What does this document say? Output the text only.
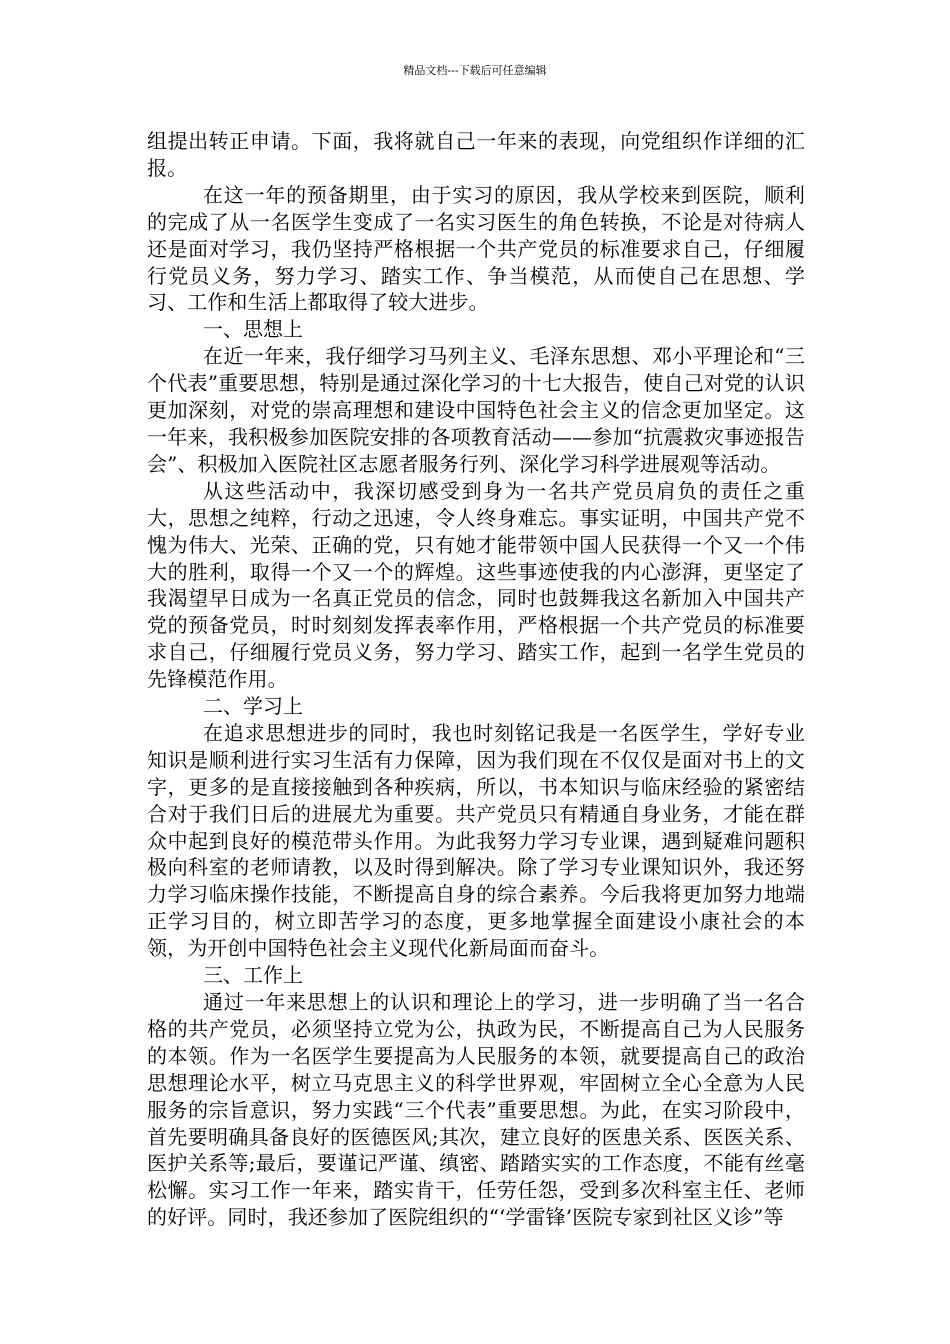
精品文档---下载后可任意编辑

组提出转正申请。下面，我将就自己一年来的表现，向党组织作详细的汇报。

在这一年的预备期里，由于实习的原因，我从学校来到医院，顺利的完成了从一名医学生变成了一名实习医生的角色转换，不论是对待病人还是面对学习，我仍坚持严格根据一个共产党员的标准要求自己，仔细履行党员义务，努力学习、踏实工作、争当模范，从而使自己在思想、学习、工作和生活上都取得了较大进步。

一、思想上

在近一年来，我仔细学习马列主义、毛泽东思想、邓小平理论和“三个代表”重要思想，特别是通过深化学习的十七大报告，使自己对党的认识更加深刻，对党的崇高理想和建设中国特色社会主义的信念更加坚定。这一年来，我积极参加医院安排的各项教育活动——参加“抗震救灾事迹报告会”、积极加入医院社区志愿者服务行列、深化学习科学进展观等活动。

从这些活动中，我深切感受到身为一名共产党员肩负的责任之重大，思想之纯粹，行动之迅速，令人终身难忘。事实证明，中国共产党不愧为伟大、光荣、正确的党，只有她才能带领中国人民获得一个又一个伟大的胜利，取得一个又一个的辉煌。这些事迹使我的内心澎湃，更坚定了我渴望早日成为一名真正党员的信念，同时也鼓舞我这名新加入中国共产党的预备党员，时时刻刻发挥表率作用，严格根据一个共产党员的标准要求自己，仔细履行党员义务，努力学习、踏实工作，起到一名学生党员的先锋模范作用。

二、学习上

在追求思想进步的同时，我也时刻铭记我是一名医学生，学好专业知识是顺利进行实习生活有力保障，因为我们现在不仅仅是面对书上的文字，更多的是直接接触到各种疾病，所以，书本知识与临床经验的紧密结合对于我们日后的进展尤为重要。共产党员只有精通自身业务，才能在群众中起到良好的模范带头作用。为此我努力学习专业课，遇到疑难问题积极向科室的老师请教，以及时得到解决。除了学习专业课知识外，我还努力学习临床操作技能，不断提高自身的综合素养。今后我将更加努力地端正学习目的，树立即苦学习的态度，更多地掌握全面建设小康社会的本领，为开创中国特色社会主义现代化新局面而奋斗。

三、工作上

通过一年来思想上的认识和理论上的学习，进一步明确了当一名合格的共产党员，必须坚持立党为公，执政为民，不断提高自己为人民服务的本领。作为一名医学生要提高为人民服务的本领，就要提高自己的政治思想理论水平，树立马克思主义的科学世界观，牢固树立全心全意为人民服务的宗旨意识，努力实践“三个代表”重要思想。为此，在实习阶段中，首先要明确具备良好的医德医风;其次，建立良好的医患关系、医医关系、医护关系等;最后，要谨记严谨、缜密、踏踏实实的工作态度，不能有丝毫松懈。实习工作一年来，踏实肯干，任劳任怨，受到多次科室主任、老师的好评。同时，我还参加了医院组织的“‘学雷锋’医院专家到社区义诊”等
